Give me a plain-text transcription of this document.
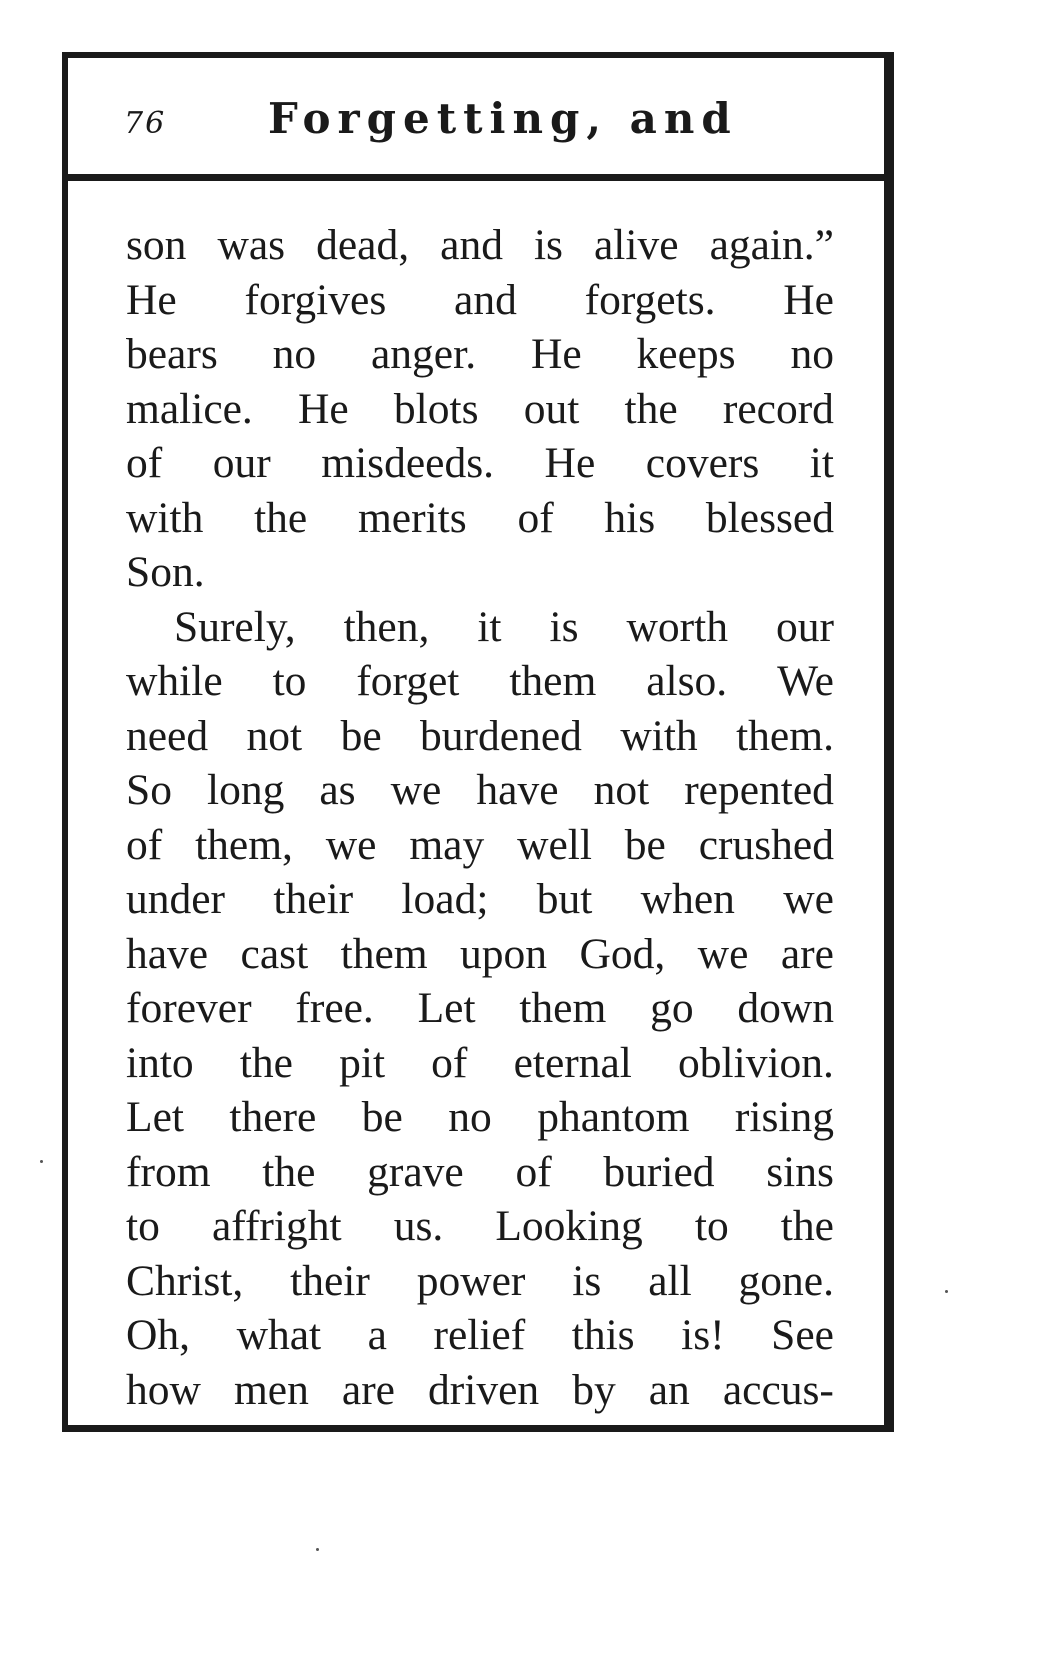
76 Forgetting, and
son was dead, and is alive again.”
He forgives and forgets. He
bears no anger. He keeps no
malice. He blots out the record
of our misdeeds. He covers it
with the merits of his blessed
Son.
Surely, then, it is worth our
while to forget them also. We
need not be burdened with them.
So long as we have not repented
of them, we may well be crushed
under their load; but when we
have cast them upon God, we are
forever free. Let them go down
into the pit of eternal oblivion.
Let there be no phantom rising
from the grave of buried sins
to affright us. Looking to the
Christ, their power is all gone.
Oh, what a relief this is! See
how men are driven by an accus-
